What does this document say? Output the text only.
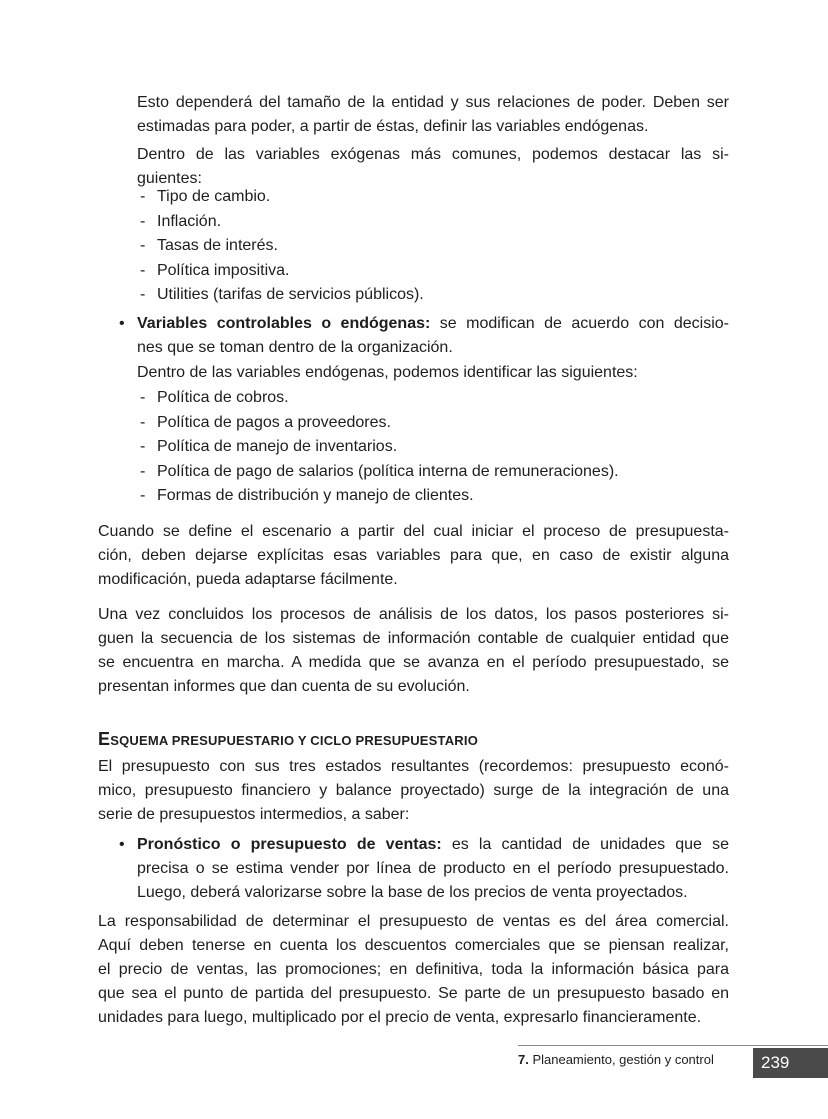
Esto dependerá del tamaño de la entidad y sus relaciones de poder. Deben ser
estimadas para poder, a partir de éstas, definir las variables endógenas.
Dentro de las variables exógenas más comunes, podemos destacar las si-
guientes:
- Tipo de cambio.
- Inflación.
- Tasas de interés.
- Política impositiva.
- Utilities (tarifas de servicios públicos).
• Variables controlables o endógenas: se modifican de acuerdo con decisio-
nes que se toman dentro de la organización.
Dentro de las variables endógenas, podemos identificar las siguientes:
- Política de cobros.
- Política de pagos a proveedores.
- Política de manejo de inventarios.
- Política de pago de salarios (política interna de remuneraciones).
- Formas de distribución y manejo de clientes.
Cuando se define el escenario a partir del cual iniciar el proceso de presupuesta-
ción, deben dejarse explícitas esas variables para que, en caso de existir alguna
modificación, pueda adaptarse fácilmente.
Una vez concluidos los procesos de análisis de los datos, los pasos posteriores si-
guen la secuencia de los sistemas de información contable de cualquier entidad que
se encuentra en marcha. A medida que se avanza en el período presupuestado, se
presentan informes que dan cuenta de su evolución.
ESQUEMA PRESUPUESTARIO Y CICLO PRESUPUESTARIO
El presupuesto con sus tres estados resultantes (recordemos: presupuesto econó-
mico, presupuesto financiero y balance proyectado) surge de la integración de una
serie de presupuestos intermedios, a saber:
• Pronóstico o presupuesto de ventas: es la cantidad de unidades que se
precisa o se estima vender por línea de producto en el período presupuestado.
Luego, deberá valorizarse sobre la base de los precios de venta proyectados.
La responsabilidad de determinar el presupuesto de ventas es del área comercial.
Aquí deben tenerse en cuenta los descuentos comerciales que se piensan realizar,
el precio de ventas, las promociones; en definitiva, toda la información básica para
que sea el punto de partida del presupuesto. Se parte de un presupuesto basado en
unidades para luego, multiplicado por el precio de venta, expresarlo financieramente.
7. Planeamiento, gestión y control	239
